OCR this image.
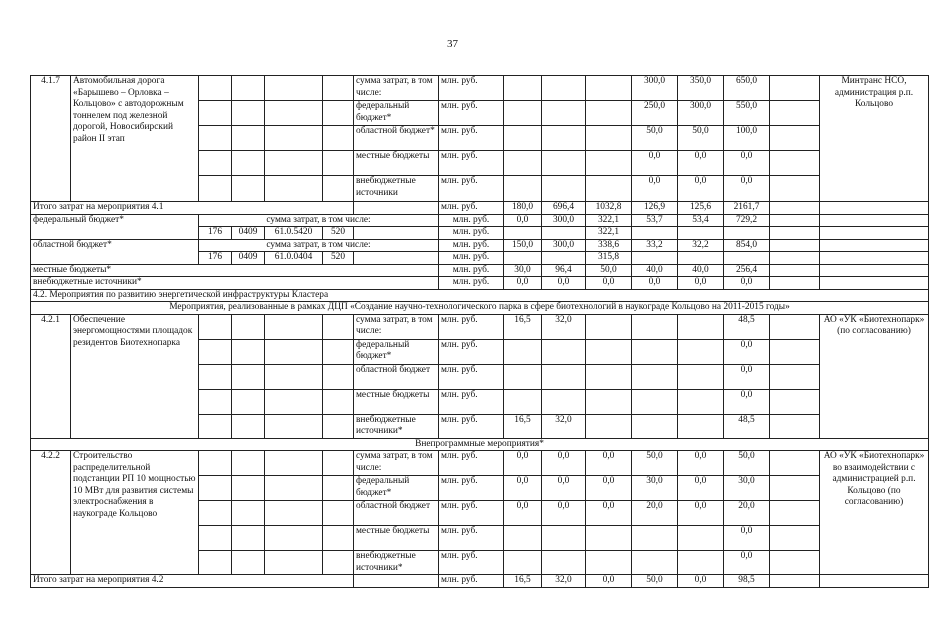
37
4.1.7	Автомобильная дорога «Барышево – Орловка – Кольцово» с автодорожным тоннелем под железной дорогой, Новосибирский район II этап					сумма затрат, в том числе:	млн. руб.				300,0	350,0	650,0		Минтранс НСО, администрация р.п. Кольцово
						федеральный бюджет*	млн. руб.				250,0	300,0	550,0		
						областной бюджет*	млн. руб.				50,0	50,0	100,0		
						местные бюджеты	млн. руб.				0,0	0,0	0,0		
						внебюджетные источники	млн. руб.				0,0	0,0	0,0		
Итого затрат на мероприятия 4.1							млн. руб.	180,0	696,4	1032,8	126,9	125,6	2161,7		
федеральный бюджет*		сумма затрат, в том числе:					млн. руб.	0,0	300,0	322,1	53,7	53,4	729,2		
		176	0409	61.0.5420	520		млн. руб.			322,1					
областной бюджет*		сумма затрат, в том числе:					млн. руб.	150,0	300,0	338,6	33,2	32,2	854,0		
		176	0409	61.0.0404	520		млн. руб.			315,8					
местные бюджеты*							млн. руб.	30,0	96,4	50,0	40,0	40,0	256,4		
внебюджетные источники*							млн. руб.	0,0	0,0	0,0	0,0	0,0	0,0		
4.2. Мероприятия по развитию энергетической инфраструктуры Кластера															
Мероприятия, реализованные в рамках ДЦП «Создание научно-технологического парка в сфере биотехнологий в наукограде Кольцово на 2011-2015 годы»															
4.2.1	Обеспечение энергомощностями площадок резидентов Биотехнопарка					сумма затрат, в том числе:	млн. руб.	16,5	32,0				48,5		АО «УК «Биотехнопарк» (по согласованию)
						федеральный бюджет*	млн. руб.						0,0		
						областной бюджет	млн. руб.						0,0		
						местные бюджеты	млн. руб.						0,0		
						внебюджетные источники*	млн. руб.	16,5	32,0				48,5		
Внепрограммные мероприятия*															
4.2.2	Строительство распределительной подстанции РП 10 мощностью 10 МВт для развития системы электроснабжения в наукограде Кольцово					сумма затрат, в том числе:	млн. руб.	0,0	0,0	0,0	50,0	0,0	50,0		АО «УК «Биотехнопарк» во взаимодействии с администрацией р.п. Кольцово (по согласованию)
						федеральный бюджет*	млн. руб.	0,0	0,0	0,0	30,0	0,0	30,0		
						областной бюджет	млн. руб.	0,0	0,0	0,0	20,0	0,0	20,0		
						местные бюджеты	млн. руб.						0,0		
						внебюджетные источники*	млн. руб.						0,0		
Итого затрат на мероприятия 4.2							млн. руб.	16,5	32,0	0,0	50,0	0,0	98,5		
